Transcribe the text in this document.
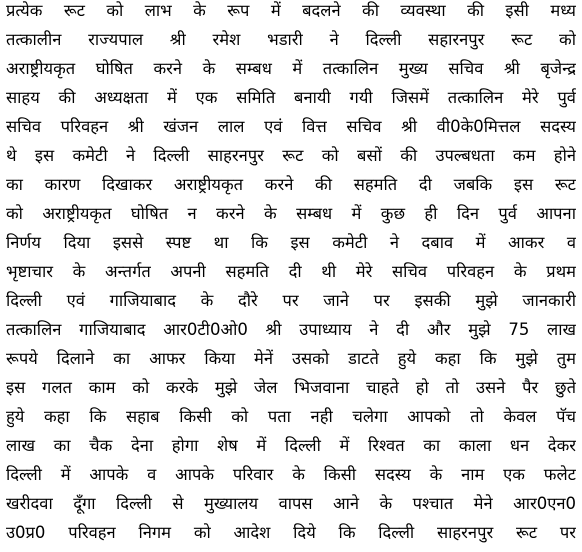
प्रत्येक रूट को लाभ के रूप में बदलने की व्यवस्था की इसी मध्य
तत्कालीन राज्यपाल श्री रमेश भडारी ने दिल्ली सहारनपुर रूट को
अराष्ट्रीयकृत घोषित करने के सम्बध में तत्कालिन मुख्य सचिव श्री बृजेन्द्र
साहय की अध्यक्षता में एक समिति बनायी गयी जिसमें तत्कालिन मेरे पुर्व
सचिव परिवहन श्री खंजन लाल एवं वित्त सचिव श्री वी0के0मित्तल सदस्य
थे इस कमेटी ने दिल्ली साहरनपुर रूट को बसों की उपल्बधता कम होने
का कारण दिखाकर अराष्ट्रीयकृत करने की सहमति दी जबकि इस रूट
को अराष्ट्रीयकृत घोषित न करने के सम्बध में कुछ ही दिन पुर्व आपना
निर्णय दिया इससे स्पष्ट था कि इस कमेटी ने दबाव में आकर व
भृष्टाचार के अन्तर्गत अपनी सहमति दी थी मेरे सचिव परिवहन के प्रथम
दिल्ली एवं गाजियाबाद के दौरे पर जाने पर इसकी मुझे जानकारी
तत्कालिन गाजियाबाद आर0टी0ओ0 श्री उपाध्याय ने दी और मुझे 75 लाख
रूपये दिलाने का आफर किया मेनें उसको डाटते हुये कहा कि मुझे तुम
इस गलत काम को करके मुझे जेल भिजवाना चाहते हो तो उसने पैर छुते
हुये कहा कि सहाब किसी को पता नही चलेगा आपको तो केवल पॅच
लाख का चैक देना होगा शेष में दिल्ली में रिश्वत का काला धन देकर
दिल्ली में आपके व आपके परिवार के किसी सदस्य के नाम एक फलेट
खरीदवा दूँगा दिल्ली से मुख्यालय वापस आने के पश्चात मेने आर0एन0
उ0प्र0 परिवहन निगम को आदेश दिये कि दिल्ली साहरनपुर रूट पर
